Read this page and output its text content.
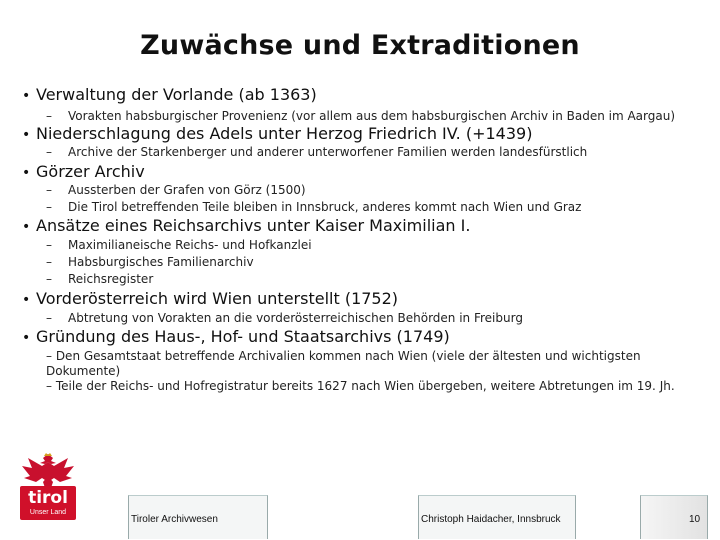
Zuwächse und Extraditionen
• Verwaltung der Vorlande (ab 1363)
– Vorakten habsburgischer Provenienz (vor allem aus dem habsburgischen Archiv in Baden im Aargau)
• Niederschlagung des Adels unter Herzog Friedrich IV. (+1439)
– Archive der Starkenberger und anderer unterworfener Familien werden landesfürstlich
• Görzer Archiv
– Aussterben der Grafen von Görz (1500)
– Die Tirol betreffenden Teile bleiben in Innsbruck, anderes kommt nach Wien und Graz
• Ansätze eines Reichsarchivs unter Kaiser Maximilian I.
– Maximilianeische Reichs- und Hofkanzlei
– Habsburgisches Familienarchiv
– Reichsregister
• Vorderösterreich wird Wien unterstellt (1752)
– Abtretung von Vorakten an die vorderösterreichischen Behörden in Freiburg
• Gründung des Haus-, Hof- und Staatsarchivs (1749)
– Den Gesamtstaat betreffende Archivalien kommen nach Wien (viele der ältesten und wichtigsten Dokumente)
– Teile der Reichs- und Hofregistratur bereits 1627 nach Wien übergeben, weitere Abtretungen im 19. Jh.
tirol
Unser Land
Tiroler Archivwesen	Christoph Haidacher, Innsbruck	10
